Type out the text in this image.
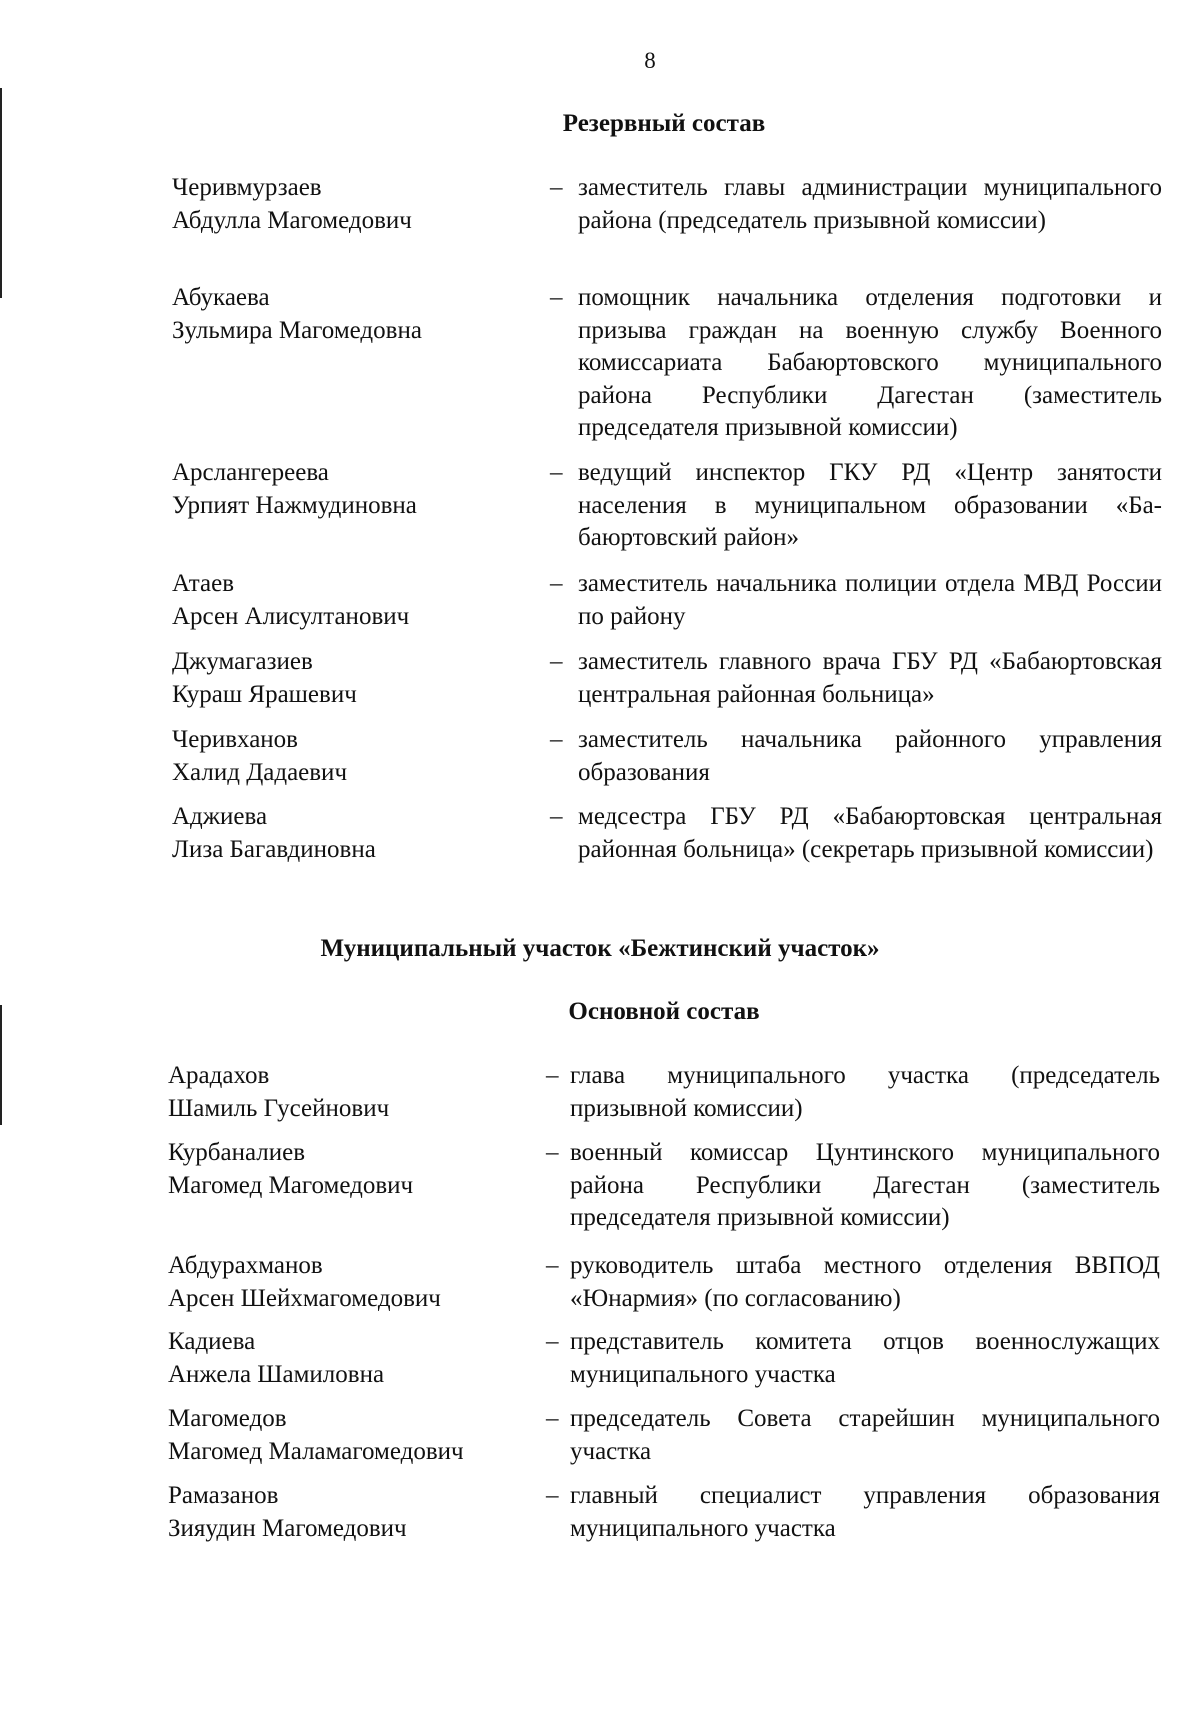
8
Резервный состав
Черивмурзаев
Абдулла Магомедович
– заместитель главы администрации муниципального района (председатель призывной комиссии)
Абукаева
Зульмира Магомедовна
– помощник начальника отделения подготовки и призыва граждан на военную службу Военного комиссариата Бабаюртовского муниципального района Республики Дагестан (заместитель председателя призывной комиссии)
Арслангереева
Урпият Нажмудиновна
– ведущий инспектор ГКУ РД «Центр занятости населения в муниципальном образовании «Бабаюртовский район»
Атаев
Арсен Алисултанович
– заместитель начальника полиции отдела МВД России по району
Джумагазиев
Кураш Ярашевич
– заместитель главного врача ГБУ РД «Бабаюртовская центральная районная больница»
Черивханов
Халид Дадаевич
– заместитель начальника районного управления образования
Аджиева
Лиза Багавдиновна
– медсестра ГБУ РД «Бабаюртовская центральная районная больница» (секретарь призывной комиссии)
Муниципальный участок «Бежтинский участок»
Основной состав
Арадахов
Шамиль Гусейнович
– глава муниципального участка (председатель призывной комиссии)
Курбаналиев
Магомед Магомедович
– военный комиссар Цунтинского муниципального района Республики Дагестан (заместитель председателя призывной комиссии)
Абдурахманов
Арсен Шейхмагомедович
– руководитель штаба местного отделения ВВПОД «Юнармия» (по согласованию)
Кадиева
Анжела Шамиловна
– представитель комитета отцов военнослужащих муниципального участка
Магомедов
Магомед Маламагомедович
– председатель Совета старейшин муниципального участка
Рамазанов
Зияудин Магомедович
– главный специалист управления образования муниципального участка
